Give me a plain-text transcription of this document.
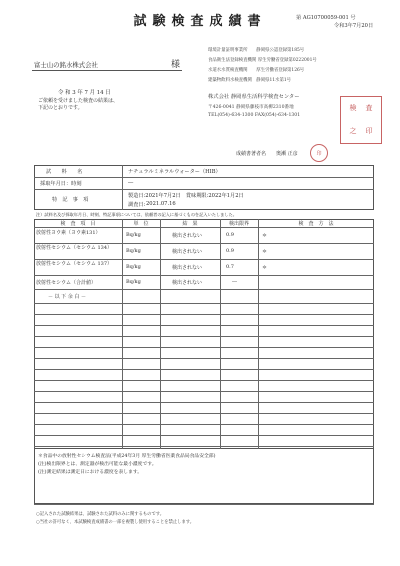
試験検査成績書	第 AG10700059-001 号
令和3年7月20日
富士山の銘水株式会社	様
令 和 3 年 7 月 14 日
ご依頼を受けました検査の結果は、
下記のとおりです。
環境計量証明事業所　　静岡県公認登録第185号
食品衛生法登録検査機関 厚生労働省登録第0222001号
水道水水質検査機関　　厚生労働省登録第126号
建築物飲料水検査機関　静岡県11水第1号
株式会社 静岡県生活科学検査センター
〒426-0041 静岡県藤枝市高柳2310番地
TEL(054)-634-1300 FAX(054)-634-1301
成績書著者名　　奥瀬 正彦
検	査
之	印
印
試　　料　　名	ナチュラルミネラルウォーター（HIB）
採取年月日：時刻	―
特　記　事　項
製造日:2021年7月2日　賞味期限:2022年1月2日
調査日: 2021.07.16
注）試料名及び採取年月日、時刻、特記事項については、依頼者の記入に基づくものを記入いたしました。
検　査　項　目	単　位	結　果	検出限界	検　査　方　法
放射性ヨウ素（ヨウ素131）	Bq/kg	検出されない	0.9	＊
放射性セシウム（セシウム 134）	Bq/kg	検出されない	0.9	＊
放射性セシウム（セシウム 137）	Bq/kg	検出されない	0.7	＊
放射性セシウム（合計値）	Bq/kg	検出されない	―
－ 以 下 余 白 －
＊食品中の放射性セシウム検査法(平成24年3月 厚生労働省医薬食品局食品安全部)
(注)検出限界とは、測定器が検出可能な最小濃度です。
(注)測定結果は測定日における濃度を表します。
○記入された試験結果は、試験された試料のみに関するものです。
○当社の許可なく、本試験検査成績書の一部を複製し使用することを禁止します。
